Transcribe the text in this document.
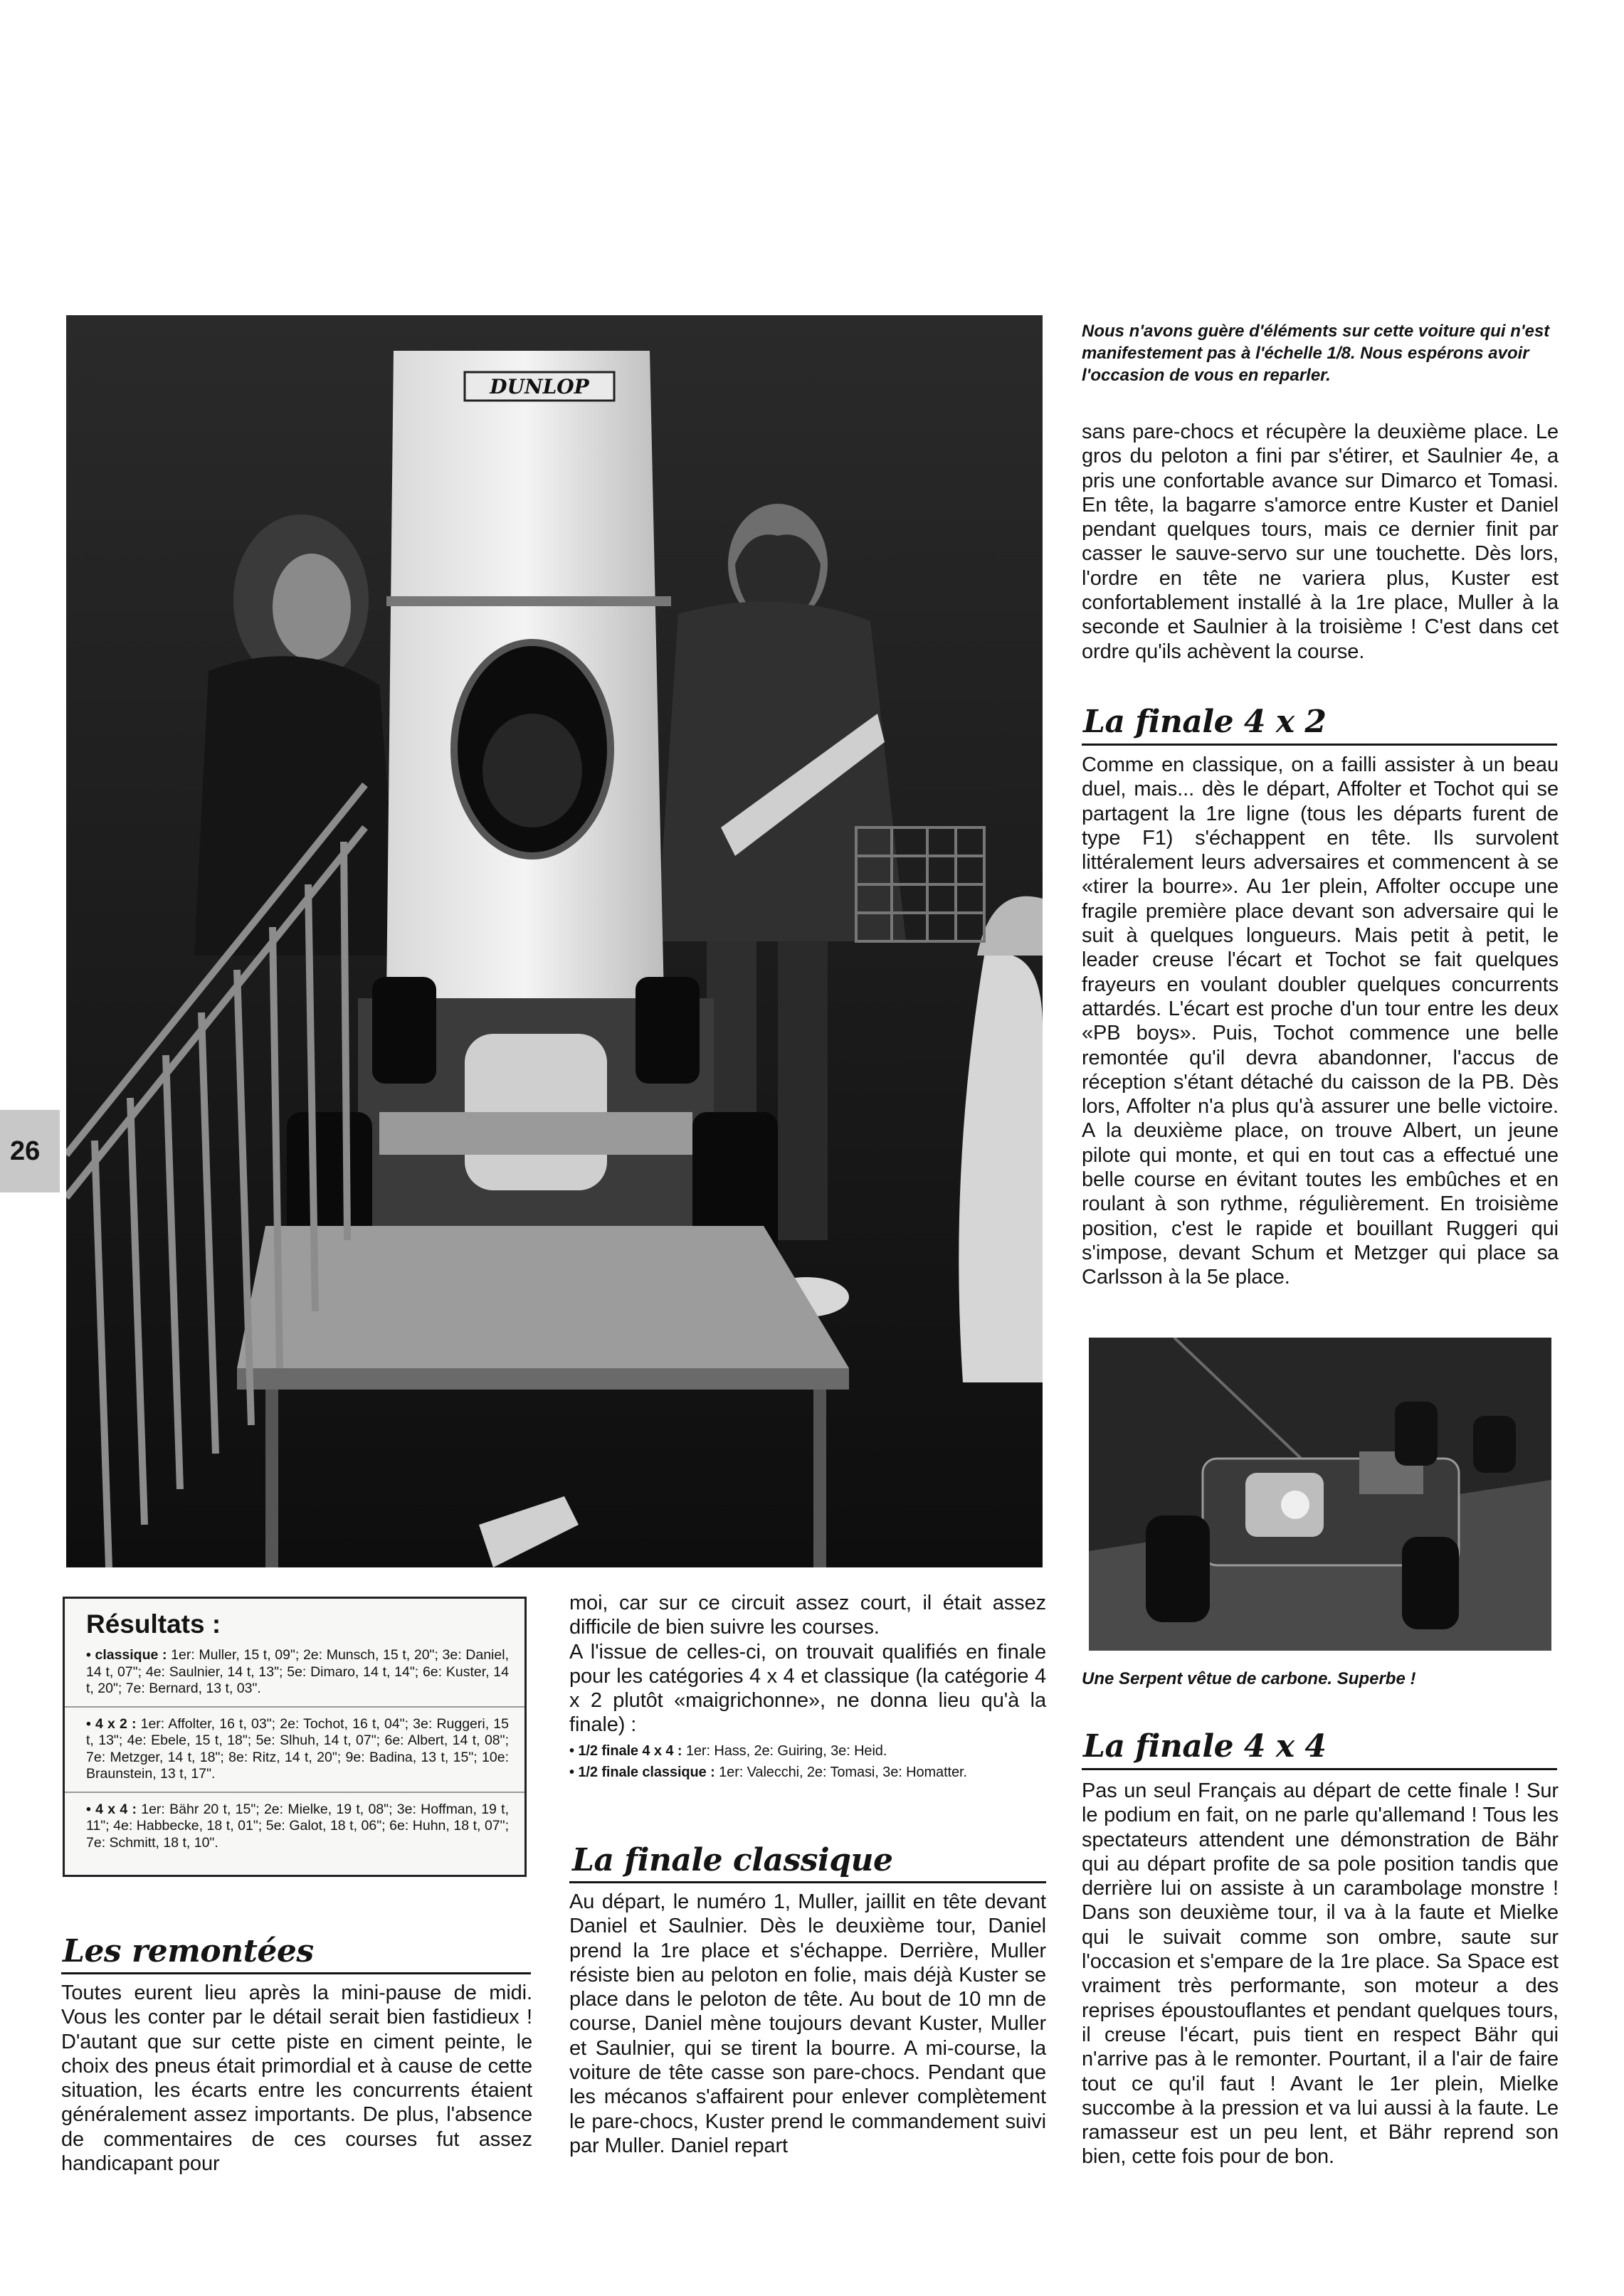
26
DUNLOP

Nous n'avons guère d'éléments sur cette voiture qui n'est manifestement pas à l'échelle 1/8. Nous espérons avoir l'occasion de vous en reparler.

sans pare-chocs et récupère la deuxième place. Le gros du peloton a fini par s'étirer, et Saulnier 4e, a pris une confortable avance sur Dimarco et Tomasi. En tête, la bagarre s'amorce entre Kuster et Daniel pendant quelques tours, mais ce dernier finit par casser le sauve-servo sur une touchette. Dès lors, l'ordre en tête ne variera plus, Kuster est confortablement installé à la 1re place, Muller à la seconde et Saulnier à la troisième ! C'est dans cet ordre qu'ils achèvent la course.

La finale 4 x 2

Comme en classique, on a failli assister à un beau duel, mais... dès le départ, Affolter et Tochot qui se partagent la 1re ligne (tous les départs furent de type F1) s'échappent en tête. Ils survolent littéralement leurs adversaires et commencent à se «tirer la bourre». Au 1er plein, Affolter occupe une fragile première place devant son adversaire qui le suit à quelques longueurs. Mais petit à petit, le leader creuse l'écart et Tochot se fait quelques frayeurs en voulant doubler quelques concurrents attardés. L'écart est proche d'un tour entre les deux «PB boys». Puis, Tochot commence une belle remontée qu'il devra abandonner, l'accus de réception s'étant détaché du caisson de la PB. Dès lors, Affolter n'a plus qu'à assurer une belle victoire. A la deuxième place, on trouve Albert, un jeune pilote qui monte, et qui en tout cas a effectué une belle course en évitant toutes les embûches et en roulant à son rythme, régulièrement. En troisième position, c'est le rapide et bouillant Ruggeri qui s'impose, devant Schum et Metzger qui place sa Carlsson à la 5e place.

Une Serpent vêtue de carbone. Superbe !

La finale 4 x 4

Pas un seul Français au départ de cette finale ! Sur le podium en fait, on ne parle qu'allemand ! Tous les spectateurs attendent une démonstration de Bähr qui au départ profite de sa pole position tandis que derrière lui on assiste à un carambolage monstre ! Dans son deuxième tour, il va à la faute et Mielke qui le suivait comme son ombre, saute sur l'occasion et s'empare de la 1re place. Sa Space est vraiment très performante, son moteur a des reprises époustouflantes et pendant quelques tours, il creuse l'écart, puis tient en respect Bähr qui n'arrive pas à le remonter. Pourtant, il a l'air de faire tout ce qu'il faut ! Avant le 1er plein, Mielke succombe à la pression et va lui aussi à la faute. Le ramasseur est un peu lent, et Bähr reprend son bien, cette fois pour de bon.

Résultats :

• classique : 1er: Muller, 15 t, 09"; 2e: Munsch, 15 t, 20"; 3e: Daniel, 14 t, 07"; 4e: Saulnier, 14 t, 13"; 5e: Dimaro, 14 t, 14"; 6e: Kuster, 14 t, 20"; 7e: Bernard, 13 t, 03".

• 4 x 2 : 1er: Affolter, 16 t, 03"; 2e: Tochot, 16 t, 04"; 3e: Ruggeri, 15 t, 13"; 4e: Ebele, 15 t, 18"; 5e: Slhuh, 14 t, 07"; 6e: Albert, 14 t, 08"; 7e: Metzger, 14 t, 18"; 8e: Ritz, 14 t, 20"; 9e: Badina, 13 t, 15"; 10e: Braunstein, 13 t, 17".

• 4 x 4 : 1er: Bähr 20 t, 15"; 2e: Mielke, 19 t, 08"; 3e: Hoffman, 19 t, 11"; 4e: Habbecke, 18 t, 01"; 5e: Galot, 18 t, 06"; 6e: Huhn, 18 t, 07"; 7e: Schmitt, 18 t, 10".

Les remontées

Toutes eurent lieu après la mini-pause de midi. Vous les conter par le détail serait bien fastidieux ! D'autant que sur cette piste en ciment peinte, le choix des pneus était primordial et à cause de cette situation, les écarts entre les concurrents étaient généralement assez importants. De plus, l'absence de commentaires de ces courses fut assez handicapant pour

moi, car sur ce circuit assez court, il était assez difficile de bien suivre les courses.

A l'issue de celles-ci, on trouvait qualifiés en finale pour les catégories 4 x 4 et classique (la catégorie 4 x 2 plutôt «maigrichonne», ne donna lieu qu'à la finale) :

• 1/2 finale 4 x 4 : 1er: Hass, 2e: Guiring, 3e: Heid.
• 1/2 finale classique : 1er: Valecchi, 2e: Tomasi, 3e: Homatter.
La finale classique

Au départ, le numéro 1, Muller, jaillit en tête devant Daniel et Saulnier. Dès le deuxième tour, Daniel prend la 1re place et s'échappe. Derrière, Muller résiste bien au peloton en folie, mais déjà Kuster se place dans le peloton de tête. Au bout de 10 mn de course, Daniel mène toujours devant Kuster, Muller et Saulnier, qui se tirent la bourre. A mi-course, la voiture de tête casse son pare-chocs. Pendant que les mécanos s'affairent pour enlever complètement le pare-chocs, Kuster prend le commandement suivi par Muller. Daniel repart
